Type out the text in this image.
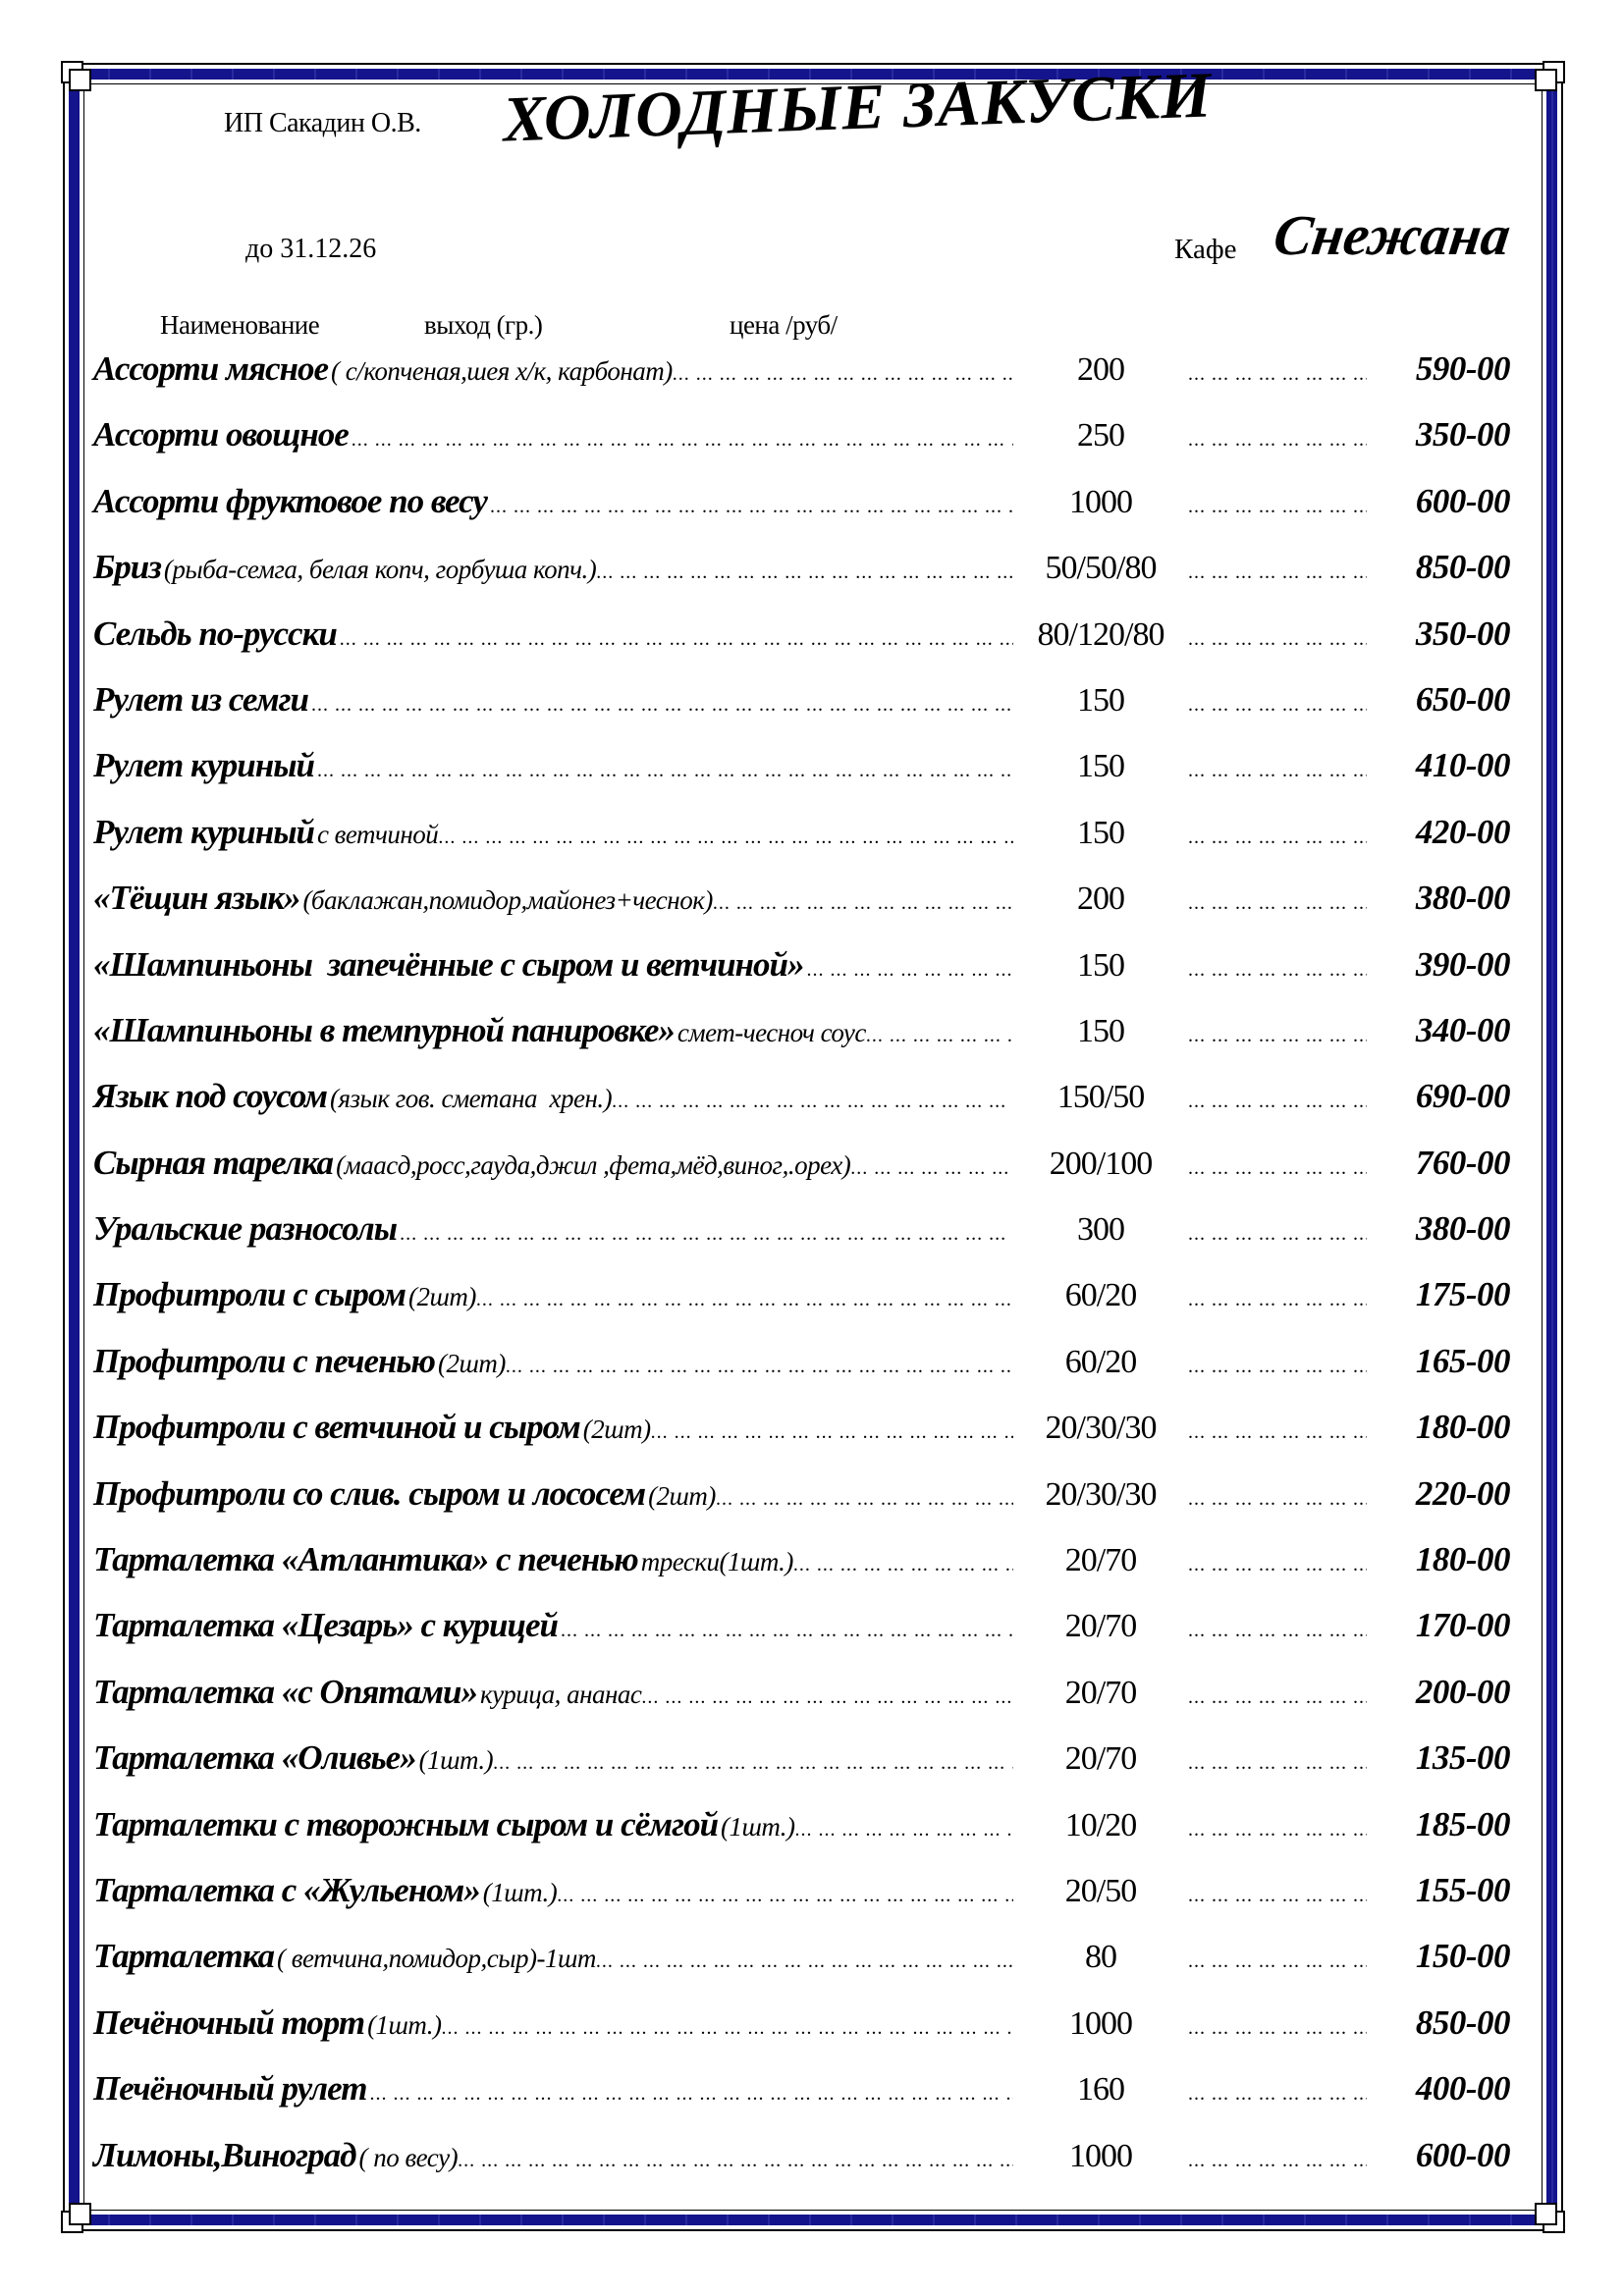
ИП Сакадин О.В. ХОЛОДНЫЕ ЗАКУСКИ
до 31.12.26	Кафе Снежана
Наименование	выход (гр.)	цена /руб/
Ассорти мясное ( с/копченая,шея х/к, карбонат) ... .	200 ... .	590-00
Ассорти овощное ... .	250 ... .	350-00
Ассорти фруктовое по весу ... .	1000 ... .	600-00
Бриз (рыба-семга, белая копч, горбуша копч.) ... .	50/50/80 ... .	850-00
Сельдь по-русски ... .	80/120/80 ... .	350-00
Рулет из семги ... .	150 ... .	650-00
Рулет куриный ... .	150 ... .	410-00
Рулет куриный с ветчиной ... .	150 ... .	420-00
«Тёщин язык» (баклажан,помидор,майонез+чеснок) ... .	200 ... .	380-00
«Шампиньоны  запечённые с сыром и ветчиной» ... .	150 ... .	390-00
«Шампиньоны в темпурной панировке» смет-чесноч соус ... .	150 ... .	340-00
Язык под соусом (язык гов. сметана  хрен.) ... .	150/50 ... .	690-00
Сырная тарелка (маасд,росс,гауда,джил ,фета,мёд,виног,.орех) ... .	200/100 ... .	760-00
Уральские разносолы ... .	300 ... .	380-00
Профитроли с сыром (2шт) ... .	60/20 ... .	175-00
Профитроли с печенью (2шт) ... .	60/20 ... .	165-00
Профитроли с ветчиной и сыром (2шт) ... .	20/30/30 ... .	180-00
Профитроли со слив. сыром и лососем (2шт) ... .	20/30/30 ... .	220-00
Тарталетка «Атлантика» с печенью трески(1шт.) ... .	20/70 ... .	180-00
Тарталетка «Цезарь» с курицей ... .	20/70 ... .	170-00
Тарталетка «с Опятами» курица, ананас ... .	20/70 ... .	200-00
Тарталетка «Оливье» (1шт.) ... .	20/70 ... .	135-00
Тарталетки с творожным сыром и сёмгой (1шт.) ... .	10/20 ... .	185-00
Тарталетка с «Жульеном» (1шт.) ... .	20/50 ... .	155-00
Тарталетка ( ветчина,помидор,сыр)-1шт ... .	80 ... .	150-00
Печёночный торт (1шт.) ... .	1000 ... .	850-00
Печёночный рулет ... .	160 ... .	400-00
Лимоны,Виноград ( по весу) ... .	1000 ... .	600-00
